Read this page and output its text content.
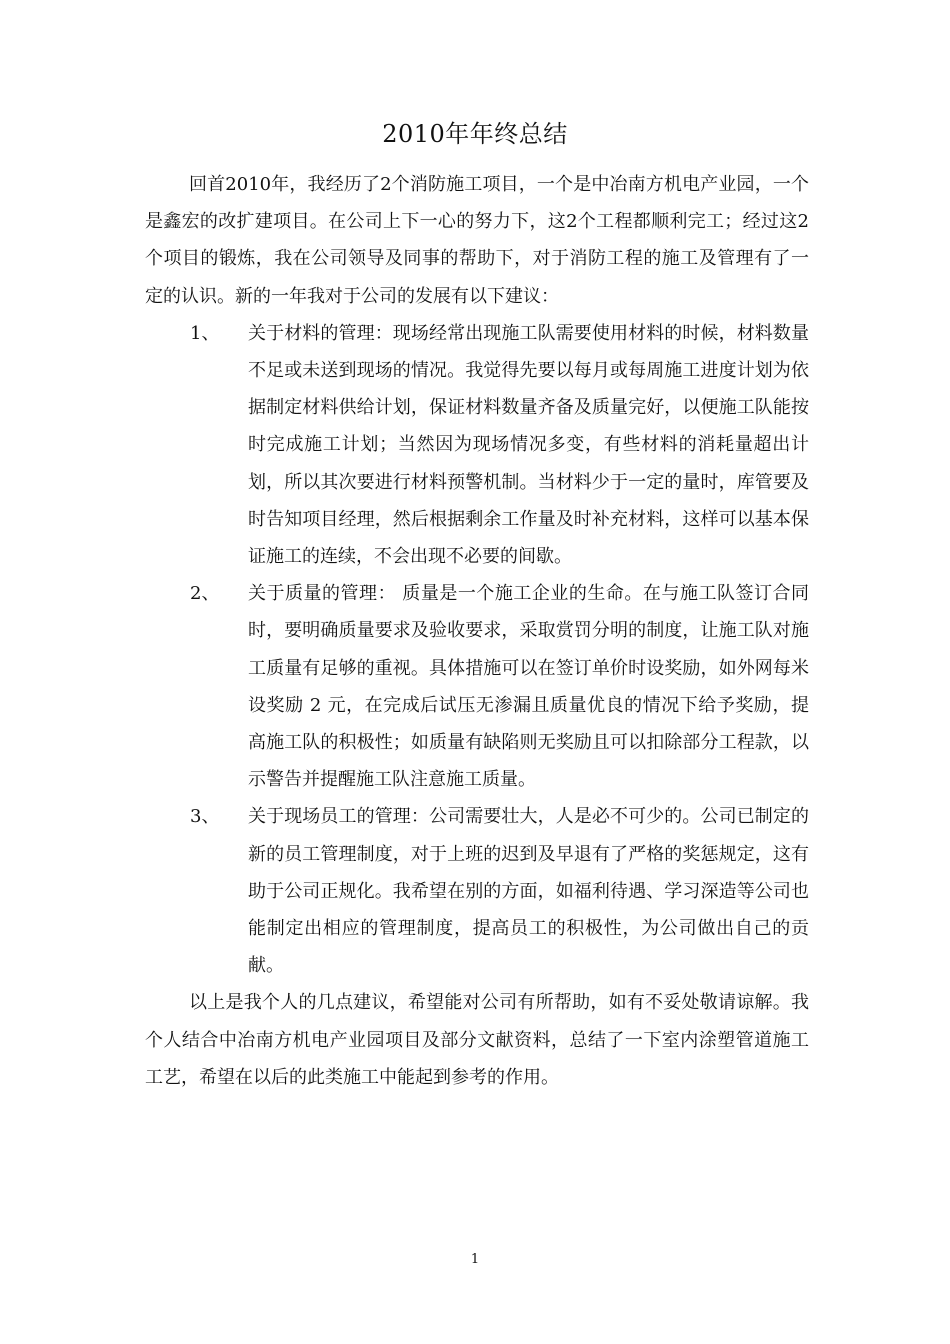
2010年年终总结

回首2010年，我经历了2个消防施工项目，一个是中冶南方机电产业园，一个是鑫宏的改扩建项目。在公司上下一心的努力下，这2个工程都顺利完工；经过这2个项目的锻炼，我在公司领导及同事的帮助下，对于消防工程的施工及管理有了一定的认识。新的一年我对于公司的发展有以下建议：

1、	关于材料的管理：现场经常出现施工队需要使用材料的时候，材料数量不足或未送到现场的情况。我觉得先要以每月或每周施工进度计划为依据制定材料供给计划，保证材料数量齐备及质量完好，以便施工队能按时完成施工计划；当然因为现场情况多变，有些材料的消耗量超出计划，所以其次要进行材料预警机制。当材料少于一定的量时，库管要及时告知项目经理，然后根据剩余工作量及时补充材料，这样可以基本保证施工的连续，不会出现不必要的间歇。
2、	关于质量的管理： 质量是一个施工企业的生命。在与施工队签订合同时，要明确质量要求及验收要求，采取赏罚分明的制度，让施工队对施工质量有足够的重视。具体措施可以在签订单价时设奖励，如外网每米设奖励 2 元，在完成后试压无渗漏且质量优良的情况下给予奖励，提高施工队的积极性；如质量有缺陷则无奖励且可以扣除部分工程款，以示警告并提醒施工队注意施工质量。
3、	关于现场员工的管理：公司需要壮大，人是必不可少的。公司已制定的新的员工管理制度，对于上班的迟到及早退有了严格的奖惩规定，这有助于公司正规化。我希望在别的方面，如福利待遇、学习深造等公司也能制定出相应的管理制度，提高员工的积极性，为公司做出自己的贡献。

以上是我个人的几点建议，希望能对公司有所帮助，如有不妥处敬请谅解。我个人结合中冶南方机电产业园项目及部分文献资料，总结了一下室内涂塑管道施工工艺，希望在以后的此类施工中能起到参考的作用。

1
